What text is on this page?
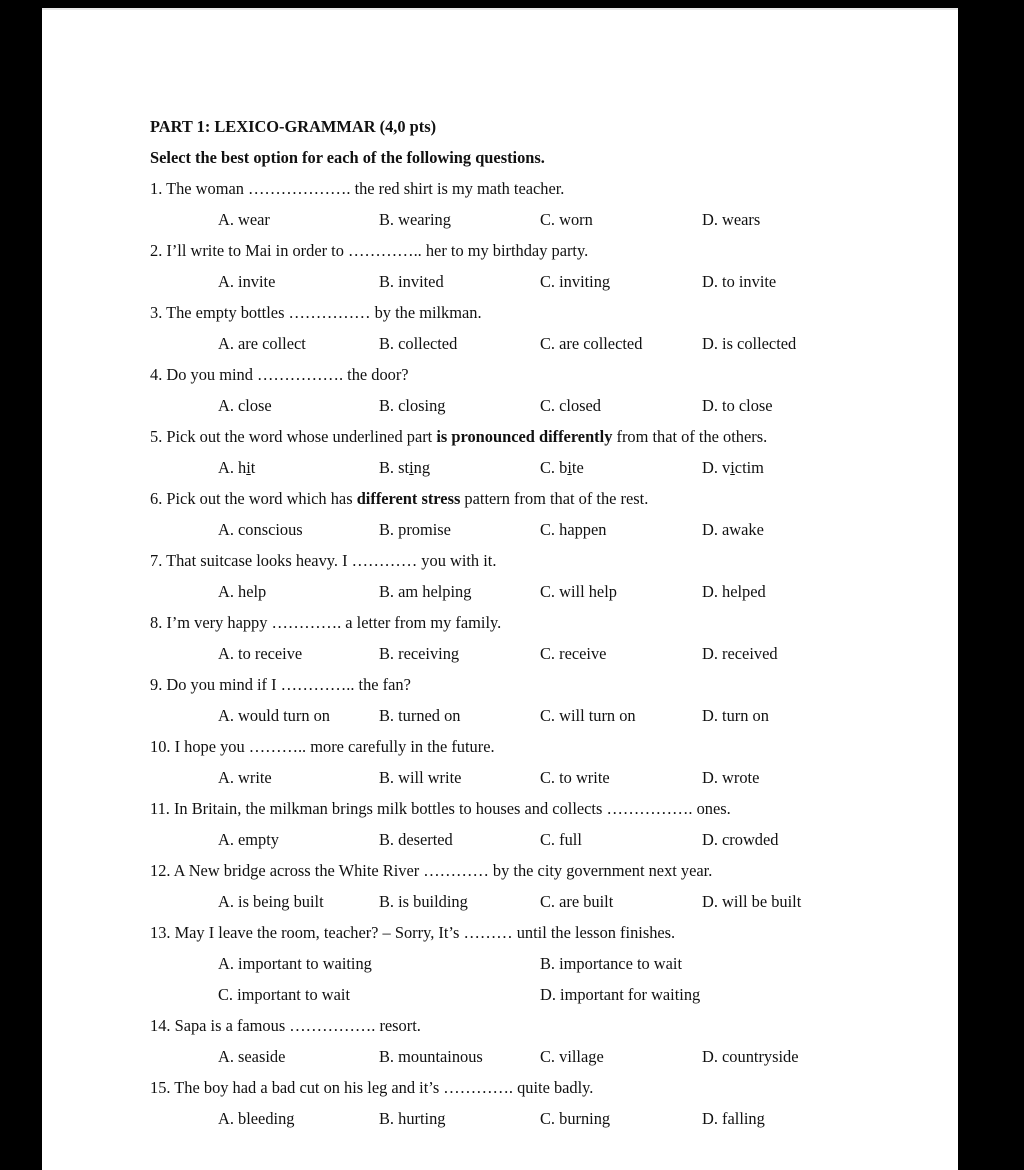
PART 1: LEXICO-GRAMMAR (4,0 pts)
Select the best option for each of the following questions.
1. The woman ………………. the red shirt is my math teacher.
A. wear	B. wearing	C. worn	D. wears
2. I’ll write to Mai in order to ………….. her to my birthday party.
A. invite	B. invited	C. inviting	D. to invite
3. The empty bottles …………… by the milkman.
A. are collect	B. collected	C. are collected	D. is collected
4. Do you mind ……………. the door?
A. close	B. closing	C. closed	D. to close
5. Pick out the word whose underlined part is pronounced differently from that of the others.
A. hit	B. sting	C. bite	D. victim
6. Pick out the word which has different stress pattern from that of the rest.
A. conscious	B. promise	C. happen	D. awake
7. That suitcase looks heavy. I ………… you with it.
A. help	B. am helping	C. will help	D. helped
8. I’m very happy …………. a letter from my family.
A. to receive	B. receiving	C. receive	D. received
9. Do you mind if I ………….. the fan?
A. would turn on	B. turned on	C. will turn on	D. turn on
10. I hope you ……….. more carefully in the future.
A. write	B. will write	C. to write	D. wrote
11. In Britain, the milkman brings milk bottles to houses and collects ……………. ones.
A. empty	B. deserted	C. full	D. crowded
12. A New bridge across the White River ………… by the city government next year.
A. is being built	B. is building	C. are built	D. will be built
13. May I leave the room, teacher? – Sorry, It’s ……… until the lesson finishes.
A. important to waiting	B. importance to wait
C. important to wait	D. important for waiting
14. Sapa is a famous ……………. resort.
A. seaside	B. mountainous	C. village	D. countryside
15. The boy had a bad cut on his leg and it’s …………. quite badly.
A. bleeding	B. hurting	C. burning	D. falling
